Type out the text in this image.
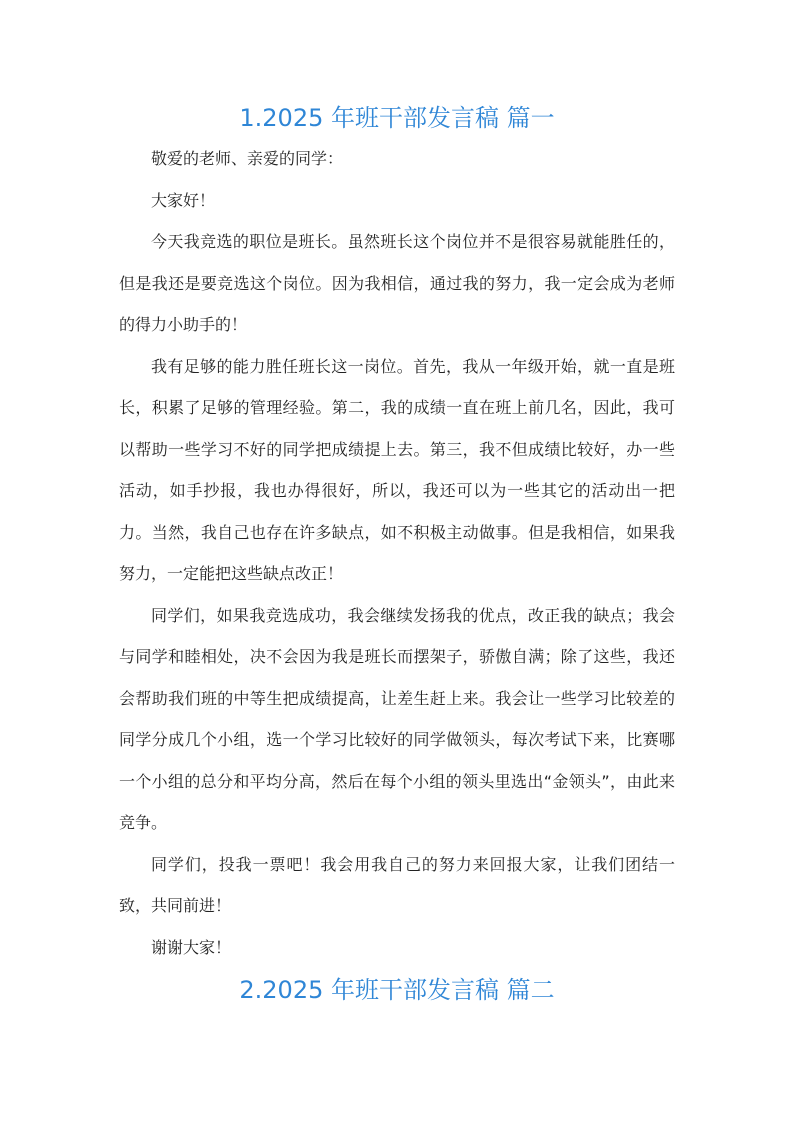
1.2025 年班干部发言稿 篇一

敬爱的老师、亲爱的同学：

大家好！

今天我竞选的职位是班长。虽然班长这个岗位并不是很容易就能胜任的，但是我还是要竞选这个岗位。因为我相信，通过我的努力，我一定会成为老师的得力小助手的！

我有足够的能力胜任班长这一岗位。首先，我从一年级开始，就一直是班长，积累了足够的管理经验。第二，我的成绩一直在班上前几名，因此，我可以帮助一些学习不好的同学把成绩提上去。第三，我不但成绩比较好，办一些活动，如手抄报，我也办得很好，所以，我还可以为一些其它的活动出一把力。当然，我自己也存在许多缺点，如不积极主动做事。但是我相信，如果我努力，一定能把这些缺点改正！

同学们，如果我竞选成功，我会继续发扬我的优点，改正我的缺点；我会与同学和睦相处，决不会因为我是班长而摆架子，骄傲自满；除了这些，我还会帮助我们班的中等生把成绩提高，让差生赶上来。我会让一些学习比较差的同学分成几个小组，选一个学习比较好的同学做领头，每次考试下来，比赛哪一个小组的总分和平均分高，然后在每个小组的领头里选出“金领头”，由此来竞争。

同学们，投我一票吧！我会用我自己的努力来回报大家，让我们团结一致，共同前进！

谢谢大家！

2.2025 年班干部发言稿 篇二
